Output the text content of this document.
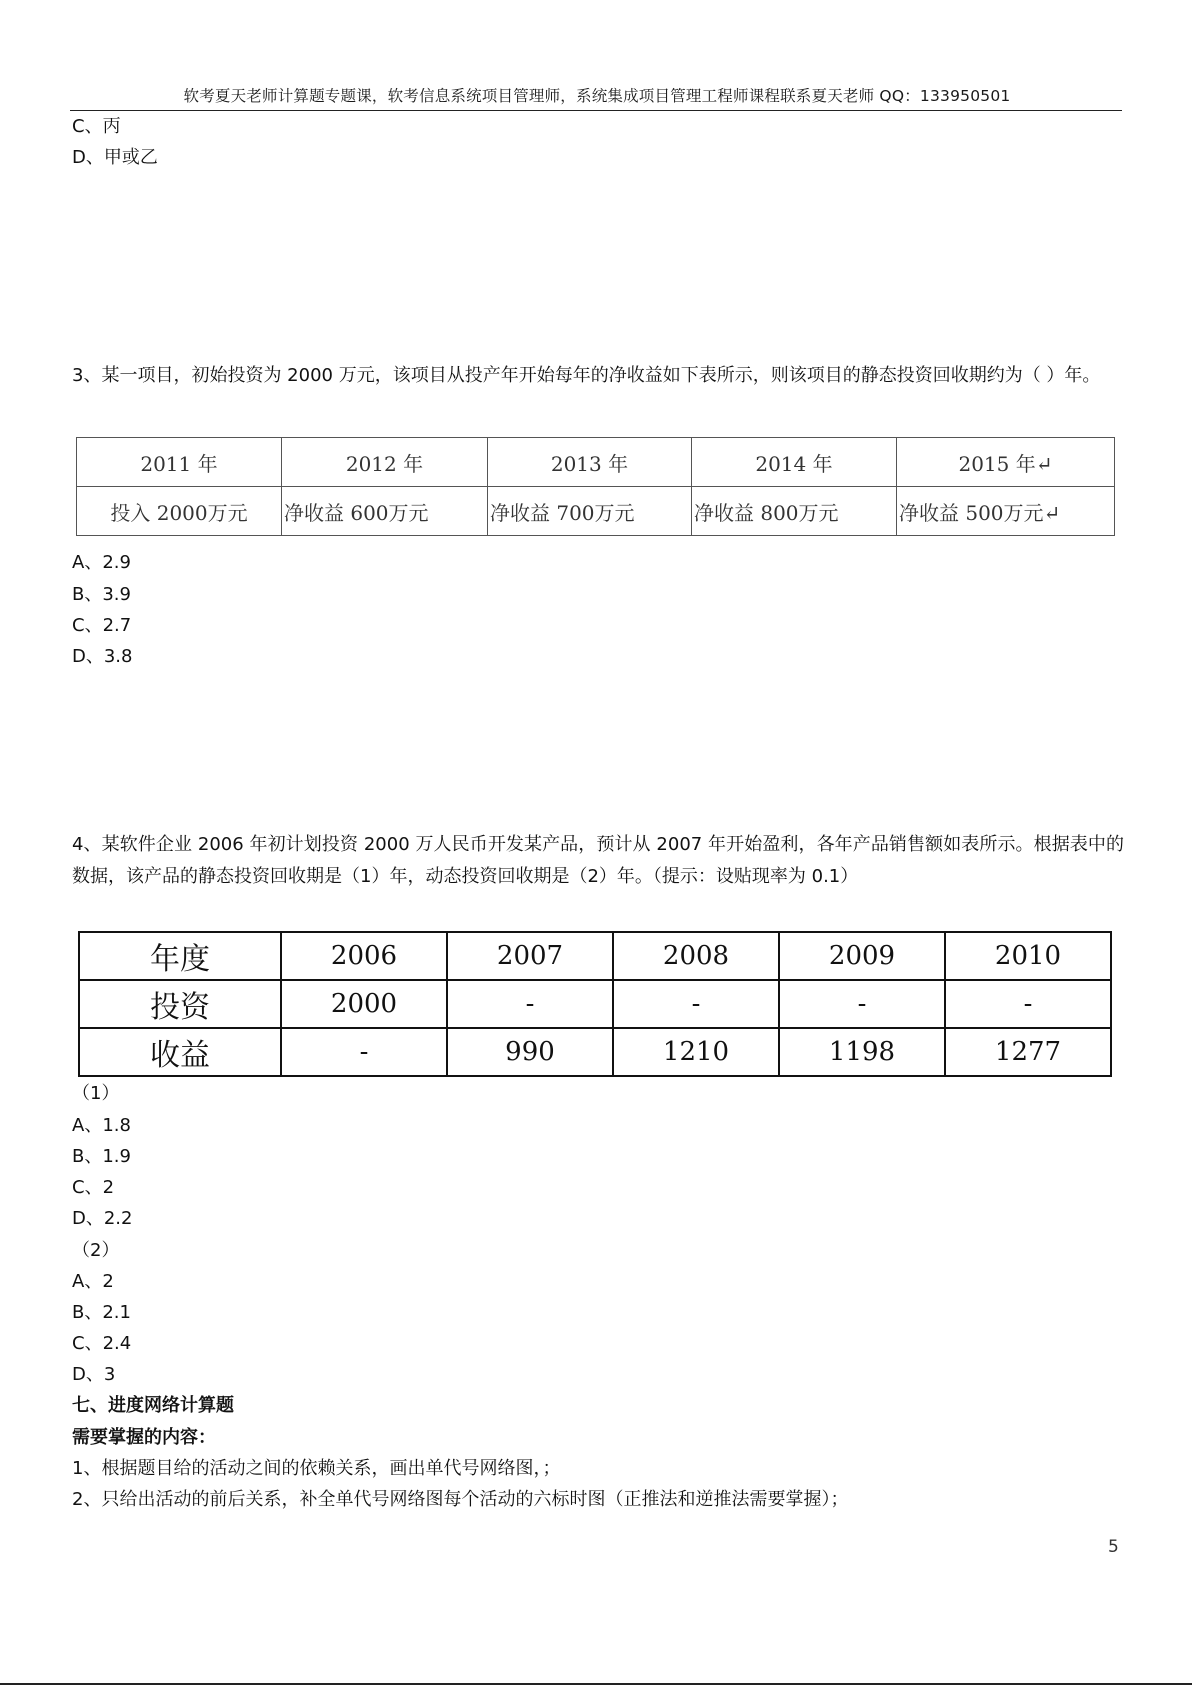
软考夏天老师计算题专题课，软考信息系统项目管理师，系统集成项目管理工程师课程联系夏天老师 QQ：133950501
C、丙
D、甲或乙
3、某一项目，初始投资为 2000 万元，该项目从投产年开始每年的净收益如下表所示，则该项目的静态投资回收期约为（ ）年。
2011 年	2012 年	2013 年	2014 年	2015 年↵
投入 2000万元	净收益 600万元	净收益 700万元	净收益 800万元	净收益 500万元↵
A、2.9
B、3.9
C、2.7
D、3.8
4、某软件企业 2006 年初计划投资 2000 万人民币开发某产品，预计从 2007 年开始盈利，各年产品销售额如表所示。根据表中的数据，该产品的静态投资回收期是（1）年，动态投资回收期是（2）年。（提示：设贴现率为 0.1）
年度	2006	2007	2008	2009	2010
投资	2000	-	-	-	-
收益	-	990	1210	1198	1277
（1）
A、1.8
B、1.9
C、2
D、2.2
（2）
A、2
B、2.1
C、2.4
D、3
七、进度网络计算题
需要掌握的内容：
1、根据题目给的活动之间的依赖关系，画出单代号网络图，；
2、只给出活动的前后关系，补全单代号网络图每个活动的六标时图（正推法和逆推法需要掌握）；
5
